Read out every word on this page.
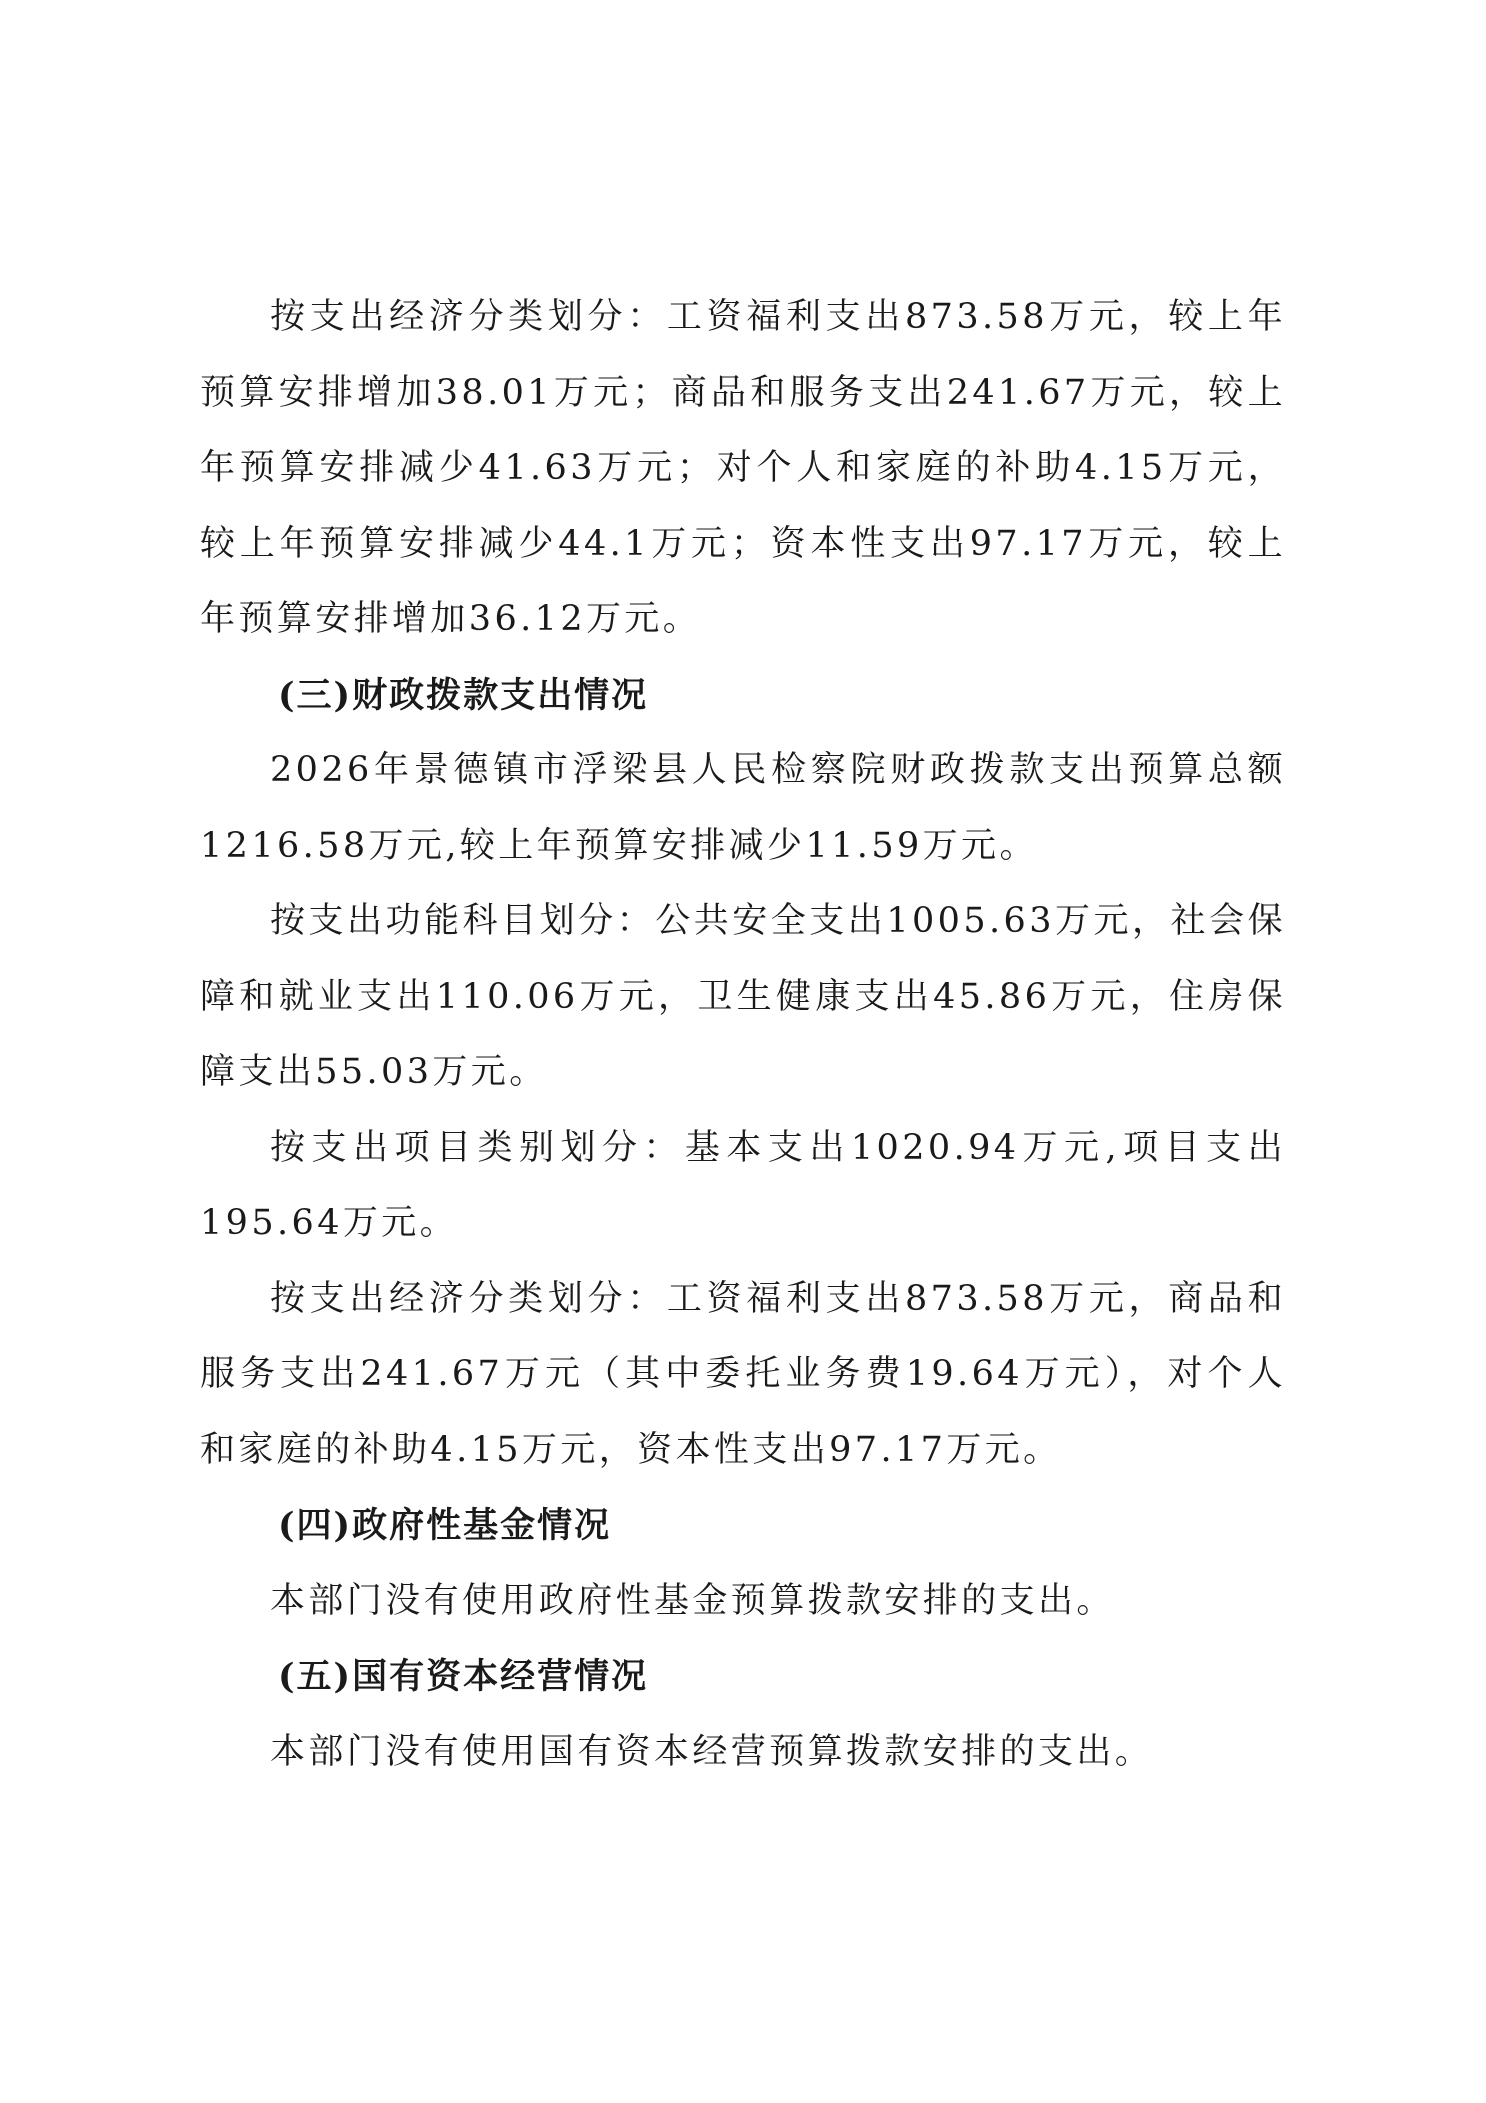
按支出经济分类划分：工资福利支出873.58万元，较上年预算安排增加38.01万元；商品和服务支出241.67万元，较上年预算安排减少41.63万元；对个人和家庭的补助4.15万元，较上年预算安排减少44.1万元；资本性支出97.17万元，较上年预算安排增加36.12万元。

(三)财政拨款支出情况

2026年景德镇市浮梁县人民检察院财政拨款支出预算总额1216.58万元,较上年预算安排减少11.59万元。

按支出功能科目划分：公共安全支出1005.63万元，社会保障和就业支出110.06万元，卫生健康支出45.86万元，住房保障支出55.03万元。

按支出项目类别划分：基本支出1020.94万元,项目支出195.64万元。

按支出经济分类划分：工资福利支出873.58万元，商品和服务支出241.67万元（其中委托业务费19.64万元），对个人和家庭的补助4.15万元，资本性支出97.17万元。

(四)政府性基金情况

本部门没有使用政府性基金预算拨款安排的支出。

(五)国有资本经营情况

本部门没有使用国有资本经营预算拨款安排的支出。
